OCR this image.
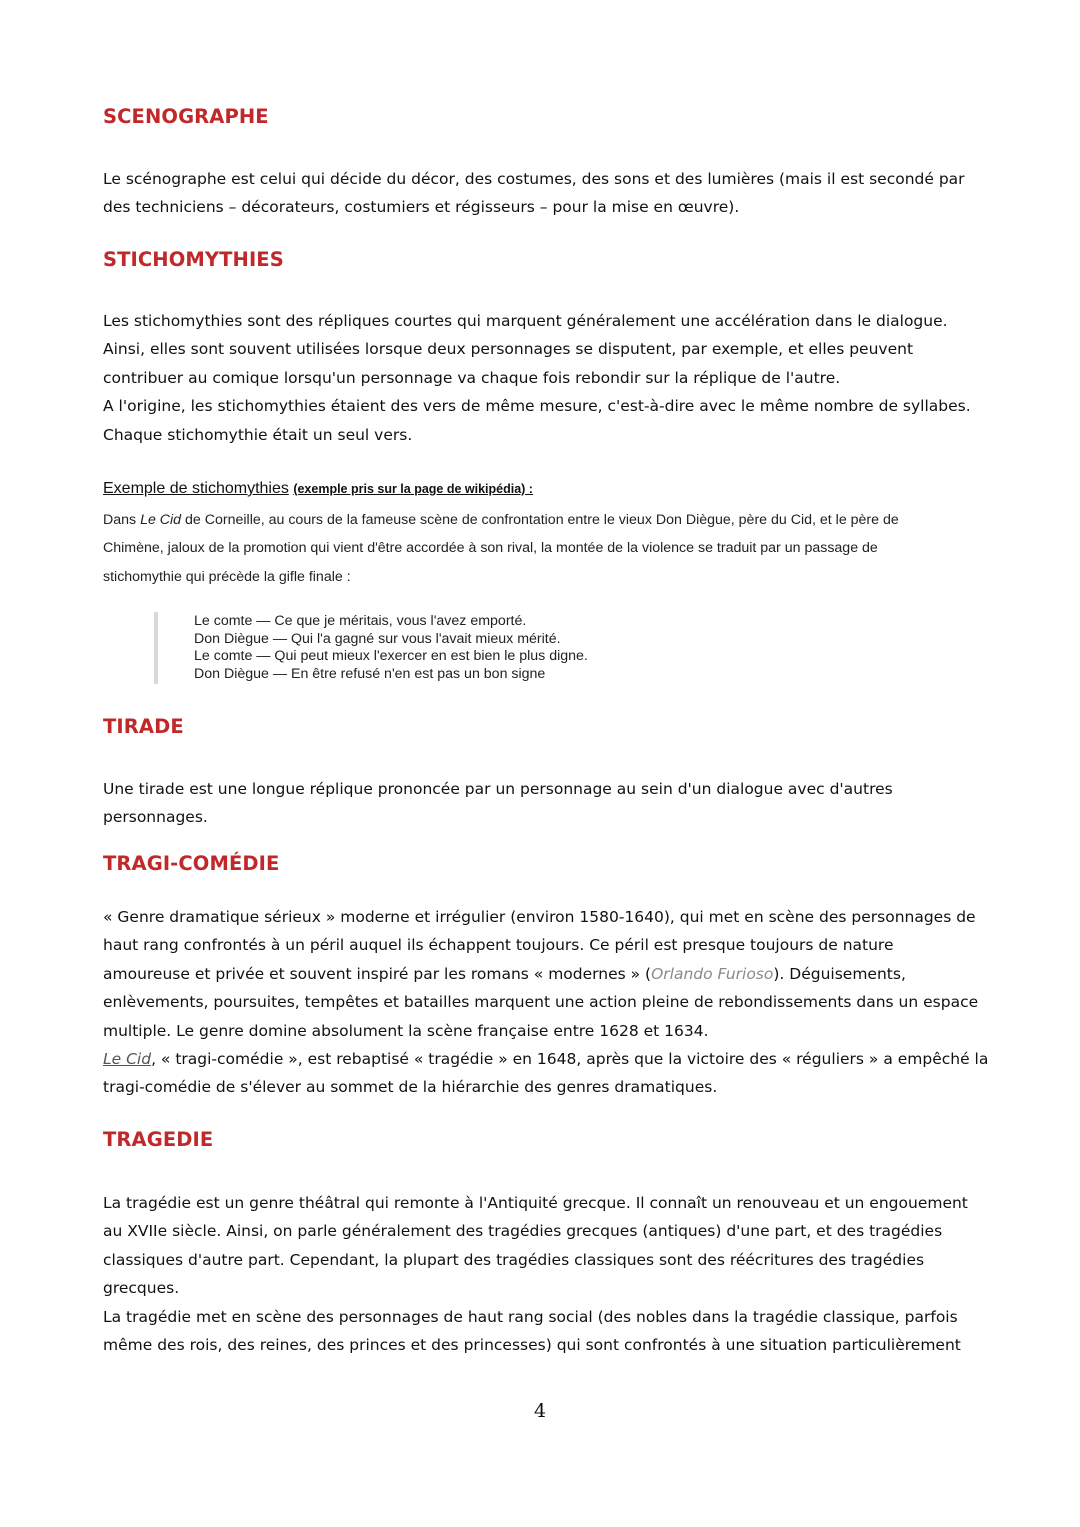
SCENOGRAPHE
Le scénographe est celui qui décide du décor, des costumes, des sons et des lumières (mais il est secondé par
des techniciens – décorateurs, costumiers et régisseurs – pour la mise en œuvre).
STICHOMYTHIES
Les stichomythies sont des répliques courtes qui marquent généralement une accélération dans le dialogue.
Ainsi, elles sont souvent utilisées lorsque deux personnages se disputent, par exemple, et elles peuvent
contribuer au comique lorsqu'un personnage va chaque fois rebondir sur la réplique de l'autre.
A l'origine, les stichomythies étaient des vers de même mesure, c'est-à-dire avec le même nombre de syllabes.
Chaque stichomythie était un seul vers.
Exemple de stichomythies (exemple pris sur la page de wikipédia) :
Dans Le Cid de Corneille, au cours de la fameuse scène de confrontation entre le vieux Don Diègue, père du Cid, et le père de
Chimène, jaloux de la promotion qui vient d'être accordée à son rival, la montée de la violence se traduit par un passage de
stichomythie qui précède la gifle finale :
Le comte — Ce que je méritais, vous l'avez emporté.
Don Diègue — Qui l'a gagné sur vous l'avait mieux mérité.
Le comte — Qui peut mieux l'exercer en est bien le plus digne.
Don Diègue — En être refusé n'en est pas un bon signe
TIRADE
Une tirade est une longue réplique prononcée par un personnage au sein d'un dialogue avec d'autres
personnages.
TRAGI-COMÉDIE
« Genre dramatique sérieux » moderne et irrégulier (environ 1580-1640), qui met en scène des personnages de
haut rang confrontés à un péril auquel ils échappent toujours. Ce péril est presque toujours de nature
amoureuse et privée et souvent inspiré par les romans « modernes » (Orlando Furioso). Déguisements,
enlèvements, poursuites, tempêtes et batailles marquent une action pleine de rebondissements dans un espace
multiple. Le genre domine absolument la scène française entre 1628 et 1634.
Le Cid, « tragi-comédie », est rebaptisé « tragédie » en 1648, après que la victoire des « réguliers » a empêché la
tragi-comédie de s'élever au sommet de la hiérarchie des genres dramatiques.
TRAGEDIE
La tragédie est un genre théâtral qui remonte à l'Antiquité grecque. Il connaît un renouveau et un engouement
au XVIIe siècle. Ainsi, on parle généralement des tragédies grecques (antiques) d'une part, et des tragédies
classiques d'autre part. Cependant, la plupart des tragédies classiques sont des réécritures des tragédies
grecques.
La tragédie met en scène des personnages de haut rang social (des nobles dans la tragédie classique, parfois
même des rois, des reines, des princes et des princesses) qui sont confrontés à une situation particulièrement
4
